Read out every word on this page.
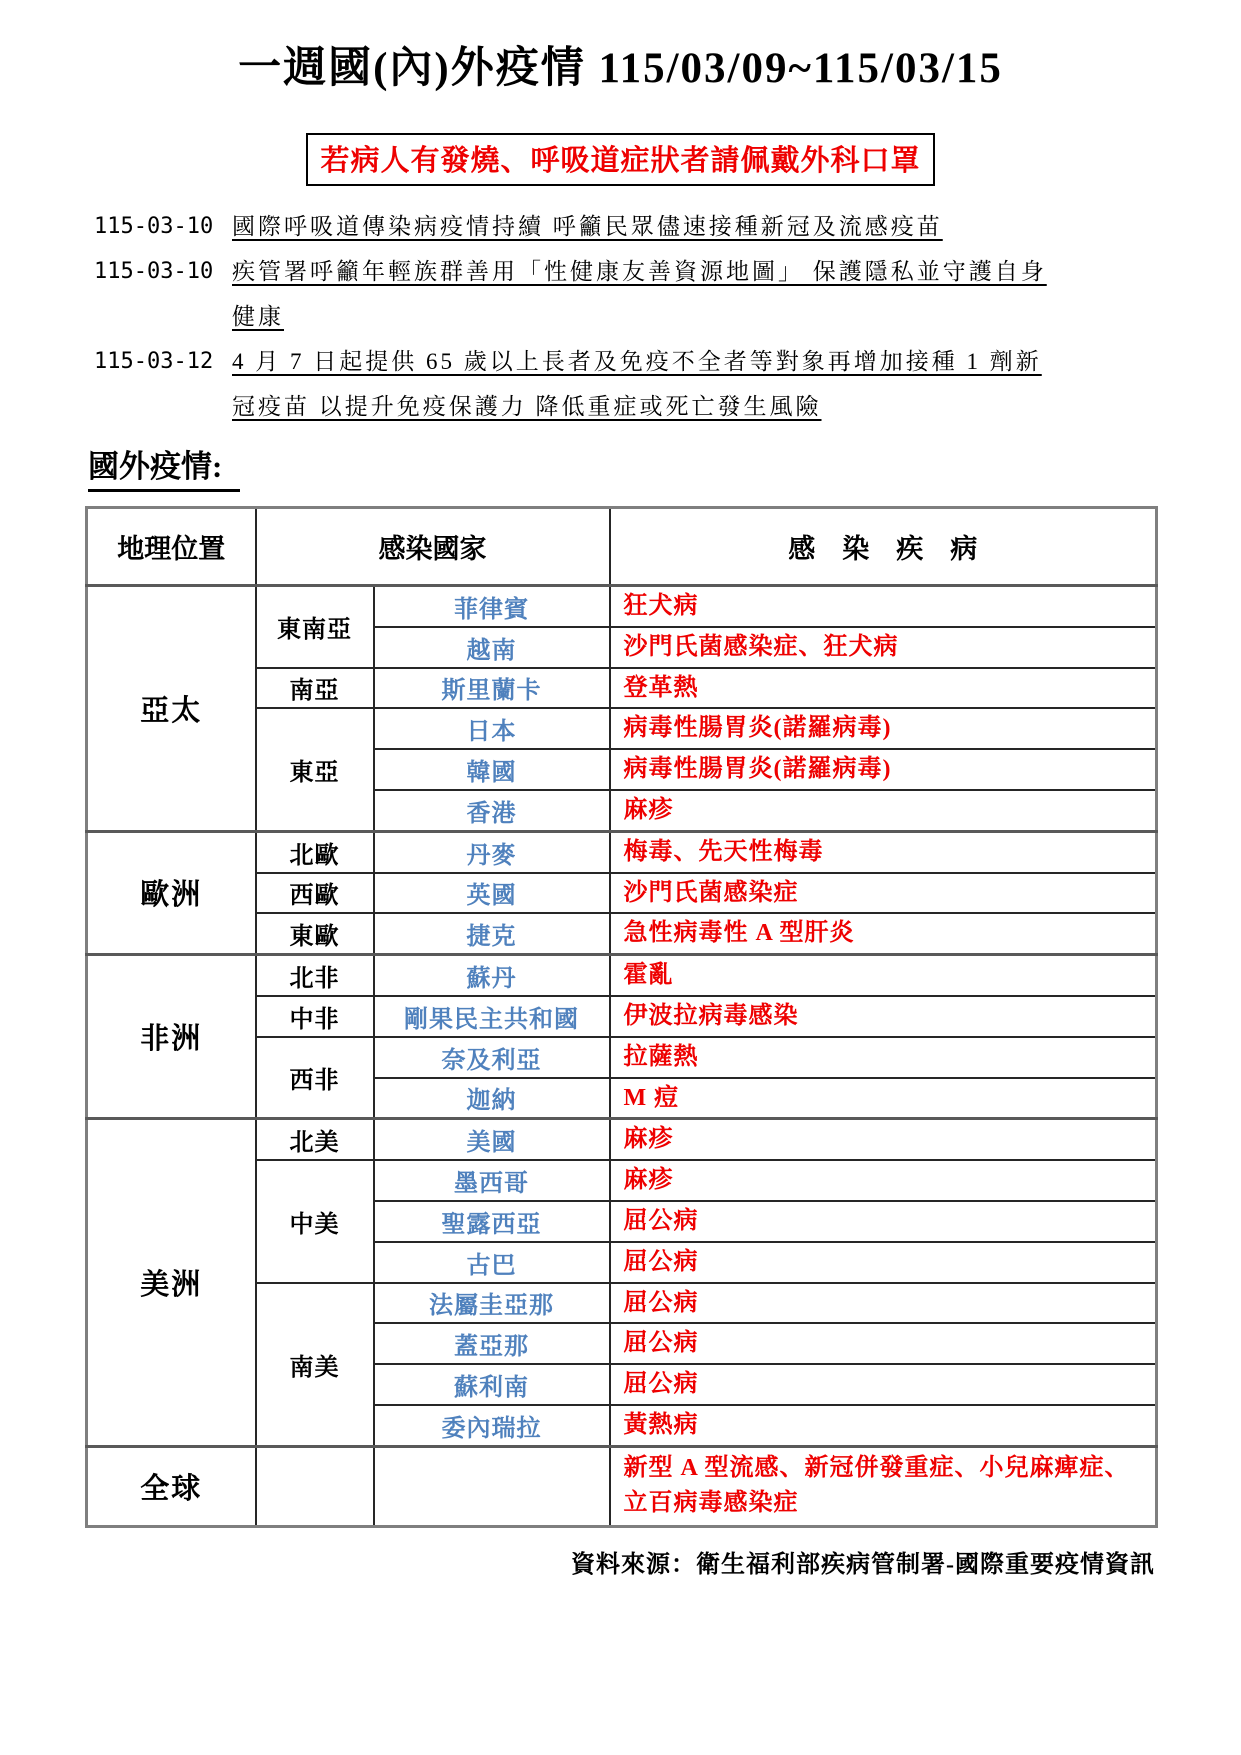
一週國(內)外疫情 115/03/09~115/03/15
若病人有發燒、呼吸道症狀者請佩戴外科口罩
115-03-10 國際呼吸道傳染病疫情持續 呼籲民眾儘速接種新冠及流感疫苗
115-03-10 疾管署呼籲年輕族群善用「性健康友善資源地圖」 保護隱私並守護自身健康
115-03-12 4 月 7 日起提供 65 歲以上長者及免疫不全者等對象再增加接種 1 劑新冠疫苗 以提升免疫保護力 降低重症或死亡發生風險
國外疫情:
地理位置	感染國家		感　染　疾　病
亞太	東南亞	菲律賓	狂犬病
		越南	沙門氏菌感染症、狂犬病
	南亞	斯里蘭卡	登革熱
	東亞	日本	病毒性腸胃炎(諾羅病毒)
		韓國	病毒性腸胃炎(諾羅病毒)
		香港	麻疹
歐洲	北歐	丹麥	梅毒、先天性梅毒
	西歐	英國	沙門氏菌感染症
	東歐	捷克	急性病毒性 A 型肝炎
非洲	北非	蘇丹	霍亂
	中非	剛果民主共和國	伊波拉病毒感染
	西非	奈及利亞	拉薩熱
		迦納	M 痘
美洲	北美	美國	麻疹
	中美	墨西哥	麻疹
		聖露西亞	屈公病
		古巴	屈公病
	南美	法屬圭亞那	屈公病
		蓋亞那	屈公病
		蘇利南	屈公病
		委內瑞拉	黃熱病
全球			新型 A 型流感、新冠併發重症、小兒麻痺症、立百病毒感染症
資料來源：衛生福利部疾病管制署-國際重要疫情資訊
